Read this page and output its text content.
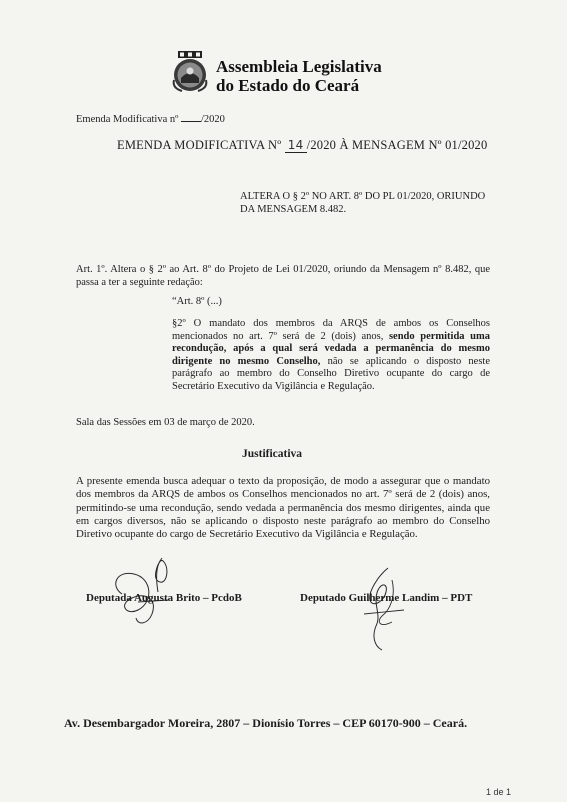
Assembleia Legislativa
do Estado do Ceará
Emenda Modificativa nº /2020
EMENDA MODIFICATIVA Nº 14 /2020 À MENSAGEM Nº 01/2020
ALTERA O § 2º NO ART. 8º DO PL 01/2020, ORIUNDO
DA MENSAGEM 8.482.
Art. 1º. Altera o § 2º ao Art. 8º do Projeto de Lei 01/2020, oriundo da Mensagem nº 8.482, que passa a ter a seguinte redação:
“Art. 8º (...)
§2º O mandato dos membros da ARQS de ambos os Conselhos mencionados no art. 7º será de 2 (dois) anos, sendo permitida uma recondução, após a qual será vedada a permanência do mesmo dirigente no mesmo Conselho, não se aplicando o disposto neste parágrafo ao membro do Conselho Diretivo ocupante do cargo de Secretário Executivo da Vigilância e Regulação.
Sala das Sessões em 03 de março de 2020.
Justificativa
A presente emenda busca adequar o texto da proposição, de modo a assegurar que o mandato dos membros da ARQS de ambos os Conselhos mencionados no art. 7º será de 2 (dois) anos, permitindo-se uma recondução, sendo vedada a permanência dos mesmo dirigentes, ainda que em cargos diversos, não se aplicando o disposto neste parágrafo ao membro do Conselho Diretivo ocupante do cargo de Secretário Executivo da Vigilância e Regulação.
Deputada Augusta Brito – PcdoB	Deputado Guilherme Landim – PDT
Av. Desembargador Moreira, 2807 – Dionísio Torres – CEP 60170-900 – Ceará.
1 de 1
